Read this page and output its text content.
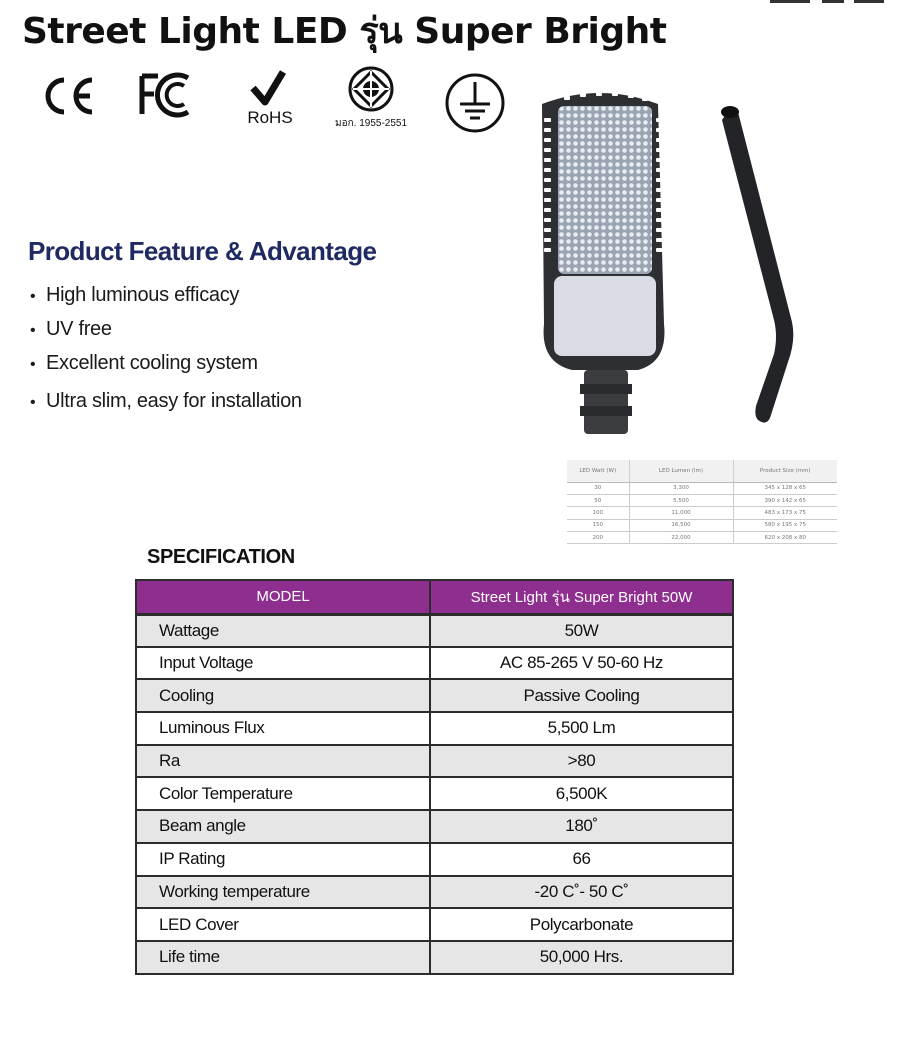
Street Light LED รุ่น Super Bright
RoHS	มอก. 1955-2551
Product Feature & Advantage
• High luminous efficacy
• UV free
• Excellent cooling system
• Ultra slim, easy for installation
LED Watt (W)	LED Lumen (lm)	Product Size (mm)
30	3,300	345 x 128 x 65
50	5,500	390 x 142 x 65
100	11,000	483 x 173 x 75
150	16,500	580 x 195 x 75
200	22,000	620 x 208 x 80
SPECIFICATION
MODEL	Street Light รุ่น Super Bright 50W
Wattage	50W
Input Voltage	AC 85-265 V 50-60 Hz
Cooling	Passive Cooling
Luminous Flux	5,500 Lm
Ra	>80
Color Temperature	6,500K
Beam angle	180˚
IP Rating	66
Working temperature	-20 C˚- 50 C˚
LED Cover	Polycarbonate
Life time	50,000 Hrs.
